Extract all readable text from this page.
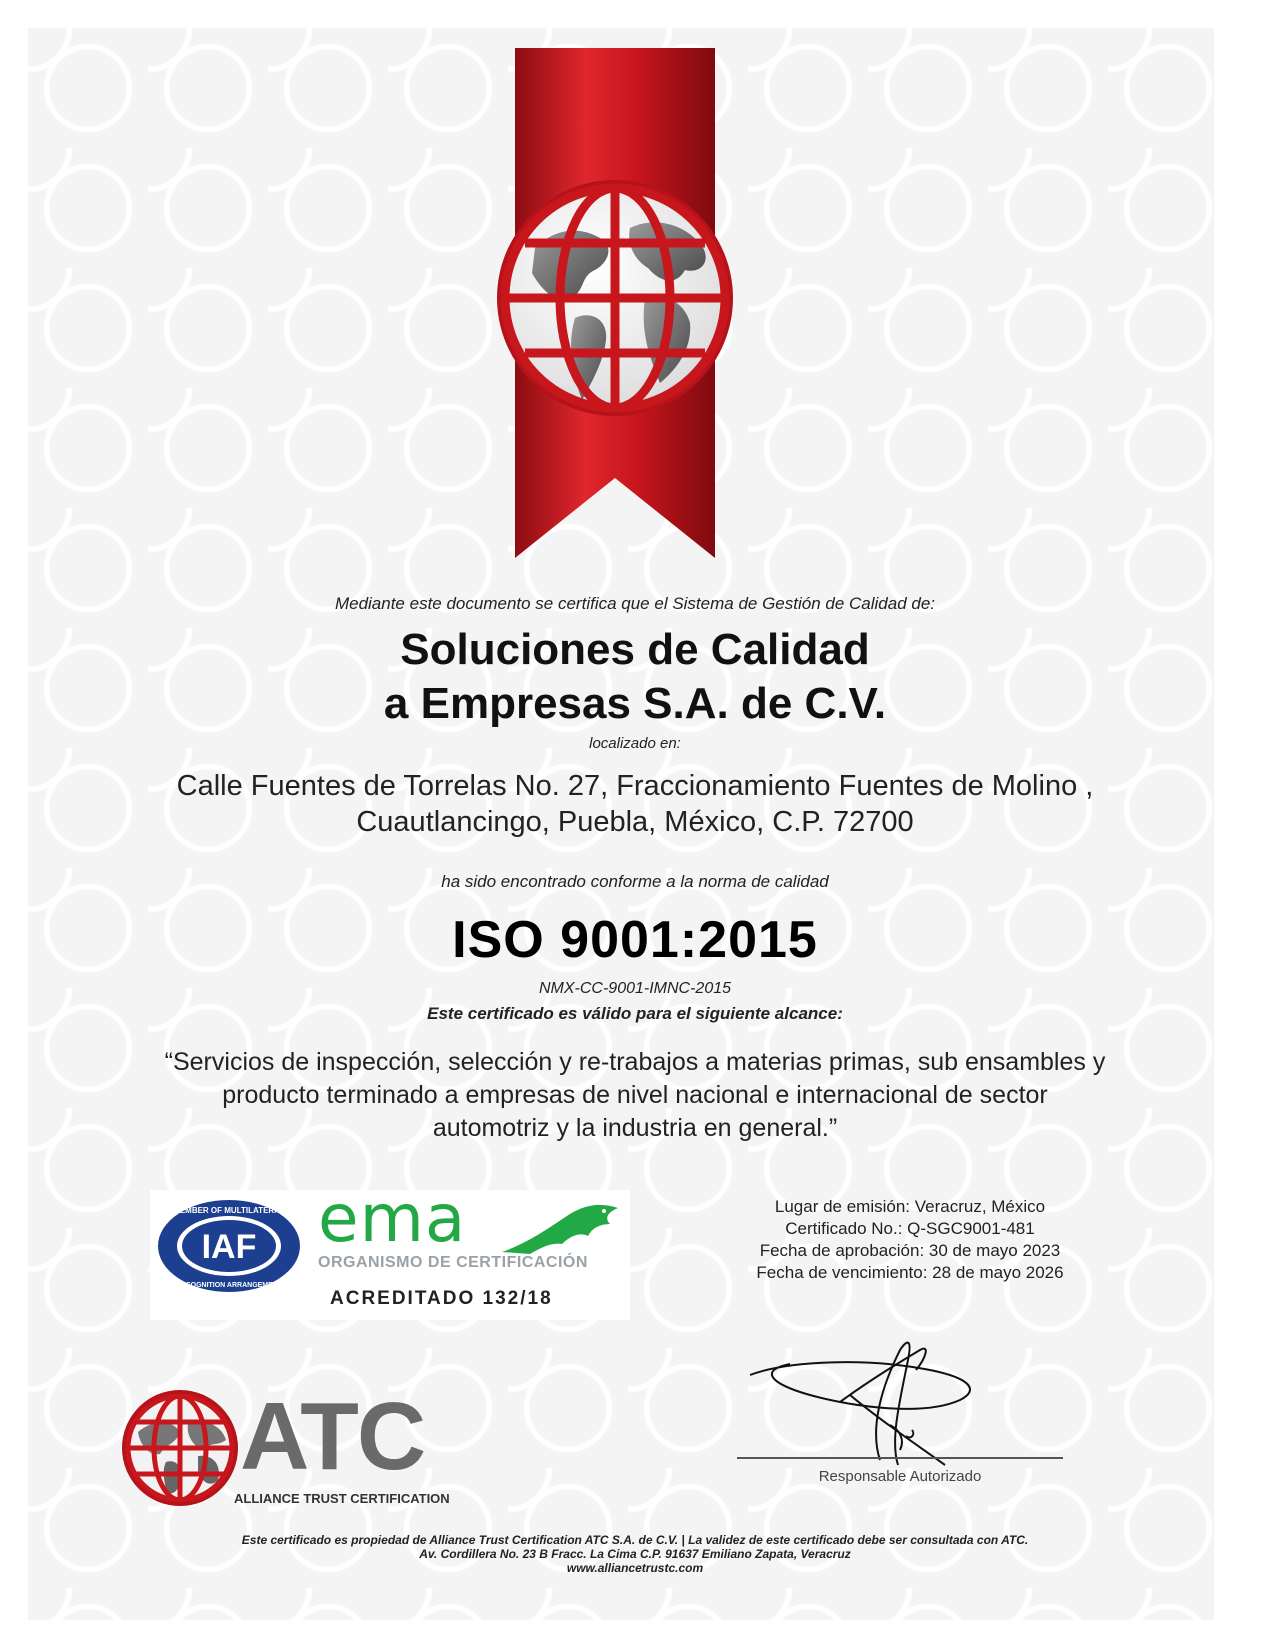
Mediante este documento se certifica que el Sistema de Gestión de Calidad de:
Soluciones de Calidad
a Empresas S.A. de C.V.
localizado en:
Calle Fuentes de Torrelas No. 27, Fraccionamiento Fuentes de Molino ,
Cuautlancingo, Puebla, México, C.P. 72700
ha sido encontrado conforme a la norma de calidad
ISO 9001:2015
NMX-CC-9001-IMNC-2015
Este certificado es válido para el siguiente alcance:
“Servicios de inspección, selección y re-trabajos a materias primas, sub ensambles y
producto terminado a empresas de nivel nacional e internacional de sector
automotriz y la industria en general.”
IAF
MEMBER OF MULTILATERAL
RECOGNITION ARRANGEMENT
ema
ORGANISMO DE CERTIFICACIÓN
ACREDITADO 132/18
Lugar de emisión: Veracruz, México
Certificado No.: Q-SGC9001-481
Fecha de aprobación: 30 de mayo 2023
Fecha de vencimiento: 28 de mayo 2026
ATC
ALLIANCE TRUST CERTIFICATION
Responsable Autorizado
Este certificado es propiedad de Alliance Trust Certification ATC S.A. de C.V. | La validez de este certificado debe ser consultada con ATC.
Av. Cordillera No. 23 B Fracc. La Cima C.P. 91637 Emiliano Zapata, Veracruz
www.alliancetrustc.com
